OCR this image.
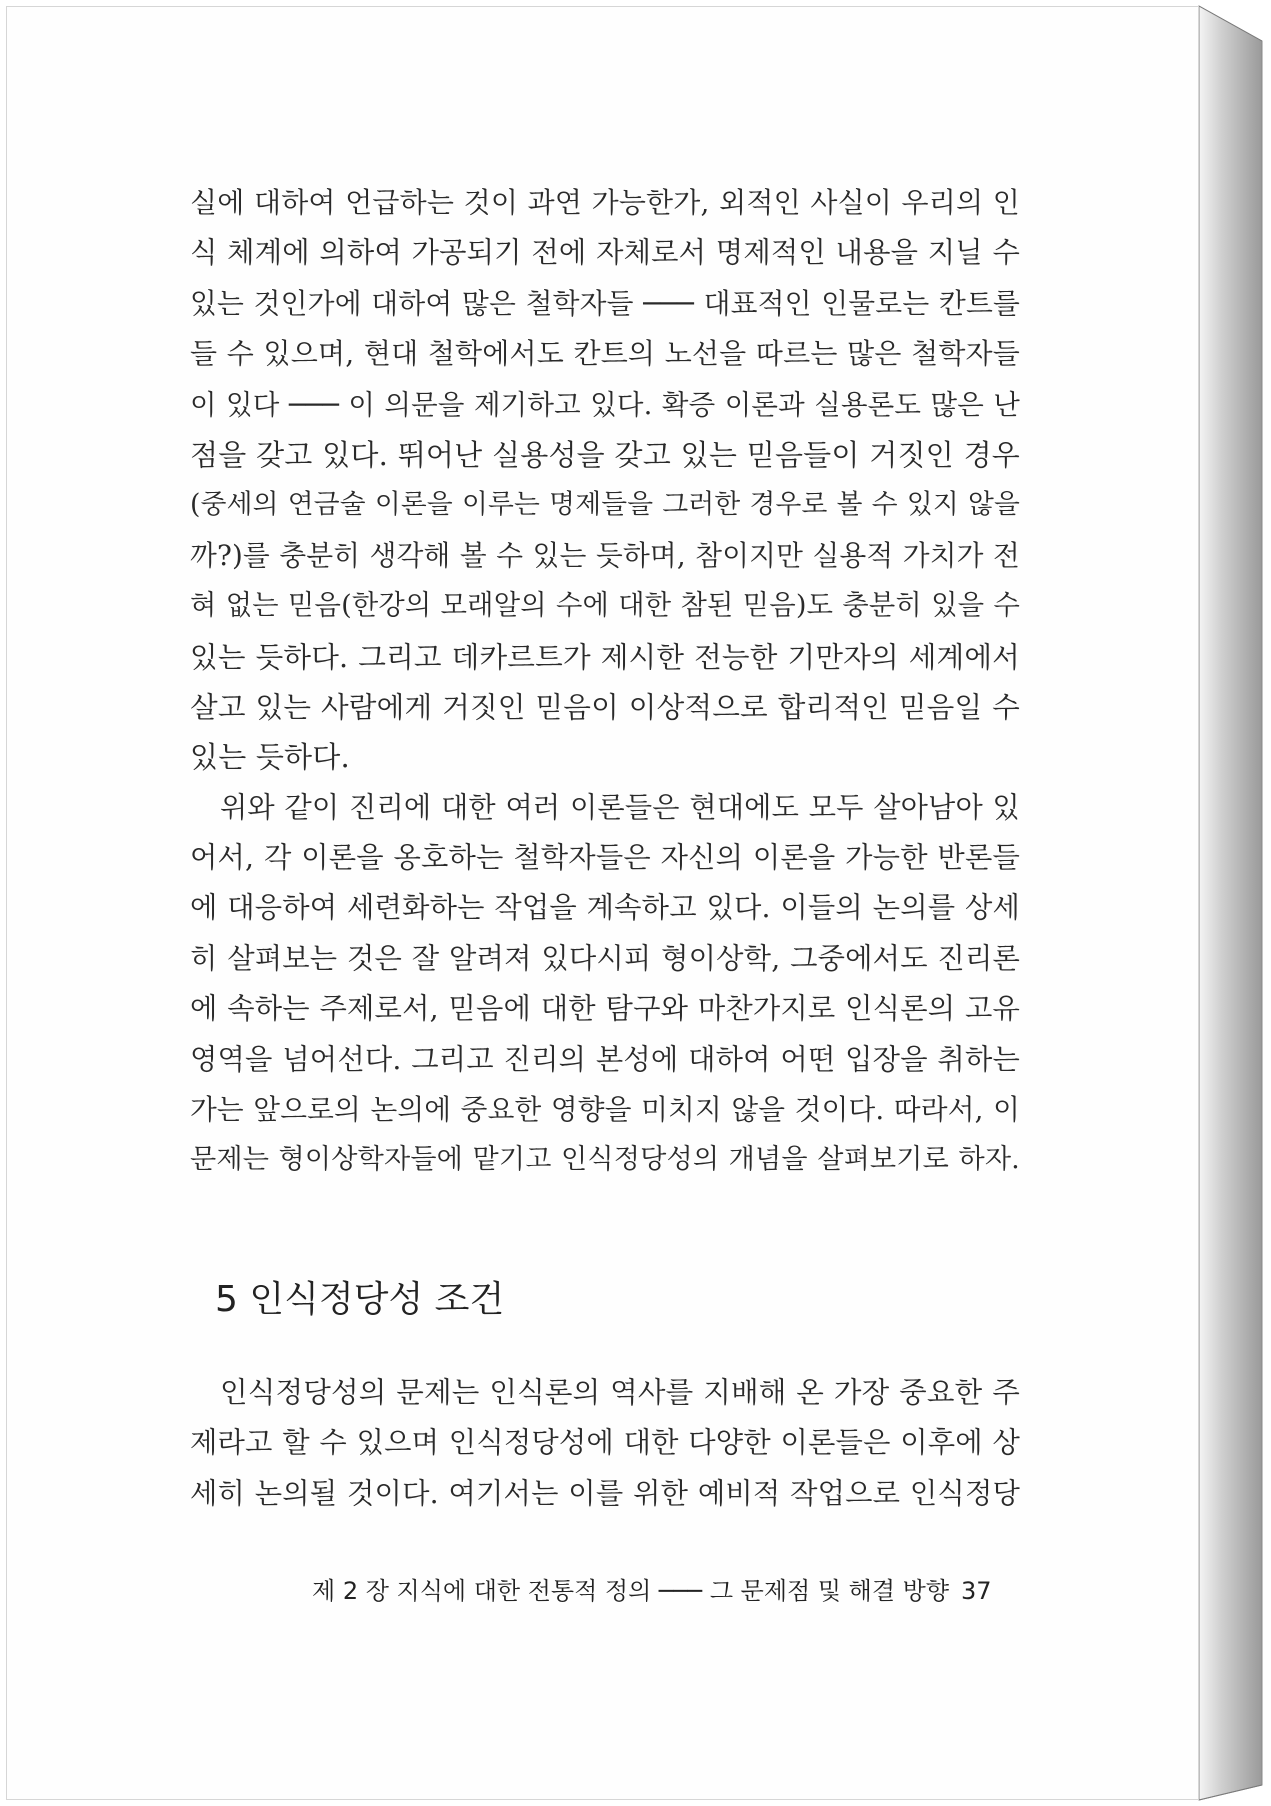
실에 대하여 언급하는 것이 과연 가능한가, 외적인 사실이 우리의 인
식 체계에 의하여 가공되기 전에 자체로서 명제적인 내용을 지닐 수
있는 것인가에 대하여 많은 철학자들 ─── 대표적인 인물로는 칸트를
들 수 있으며, 현대 철학에서도 칸트의 노선을 따르는 많은 철학자들
이 있다 ─── 이 의문을 제기하고 있다. 확증 이론과 실용론도 많은 난
점을 갖고 있다. 뛰어난 실용성을 갖고 있는 믿음들이 거짓인 경우
(중세의 연금술 이론을 이루는 명제들을 그러한 경우로 볼 수 있지 않을
까?)를 충분히 생각해 볼 수 있는 듯하며, 참이지만 실용적 가치가 전
혀 없는 믿음(한강의 모래알의 수에 대한 참된 믿음)도 충분히 있을 수
있는 듯하다. 그리고 데카르트가 제시한 전능한 기만자의 세계에서
살고 있는 사람에게 거짓인 믿음이 이상적으로 합리적인 믿음일 수
있는 듯하다.
위와 같이 진리에 대한 여러 이론들은 현대에도 모두 살아남아 있
어서, 각 이론을 옹호하는 철학자들은 자신의 이론을 가능한 반론들
에 대응하여 세련화하는 작업을 계속하고 있다. 이들의 논의를 상세
히 살펴보는 것은 잘 알려져 있다시피 형이상학, 그중에서도 진리론
에 속하는 주제로서, 믿음에 대한 탐구와 마찬가지로 인식론의 고유
영역을 넘어선다. 그리고 진리의 본성에 대하여 어떤 입장을 취하는
가는 앞으로의 논의에 중요한 영향을 미치지 않을 것이다. 따라서, 이
문제는 형이상학자들에 맡기고 인식정당성의 개념을 살펴보기로 하자.
5 인식정당성 조건
인식정당성의 문제는 인식론의 역사를 지배해 온 가장 중요한 주
제라고 할 수 있으며 인식정당성에 대한 다양한 이론들은 이후에 상
세히 논의될 것이다. 여기서는 이를 위한 예비적 작업으로 인식정당
제 2 장 지식에 대한 전통적 정의 ─── 그 문제점 및 해결 방향 37
